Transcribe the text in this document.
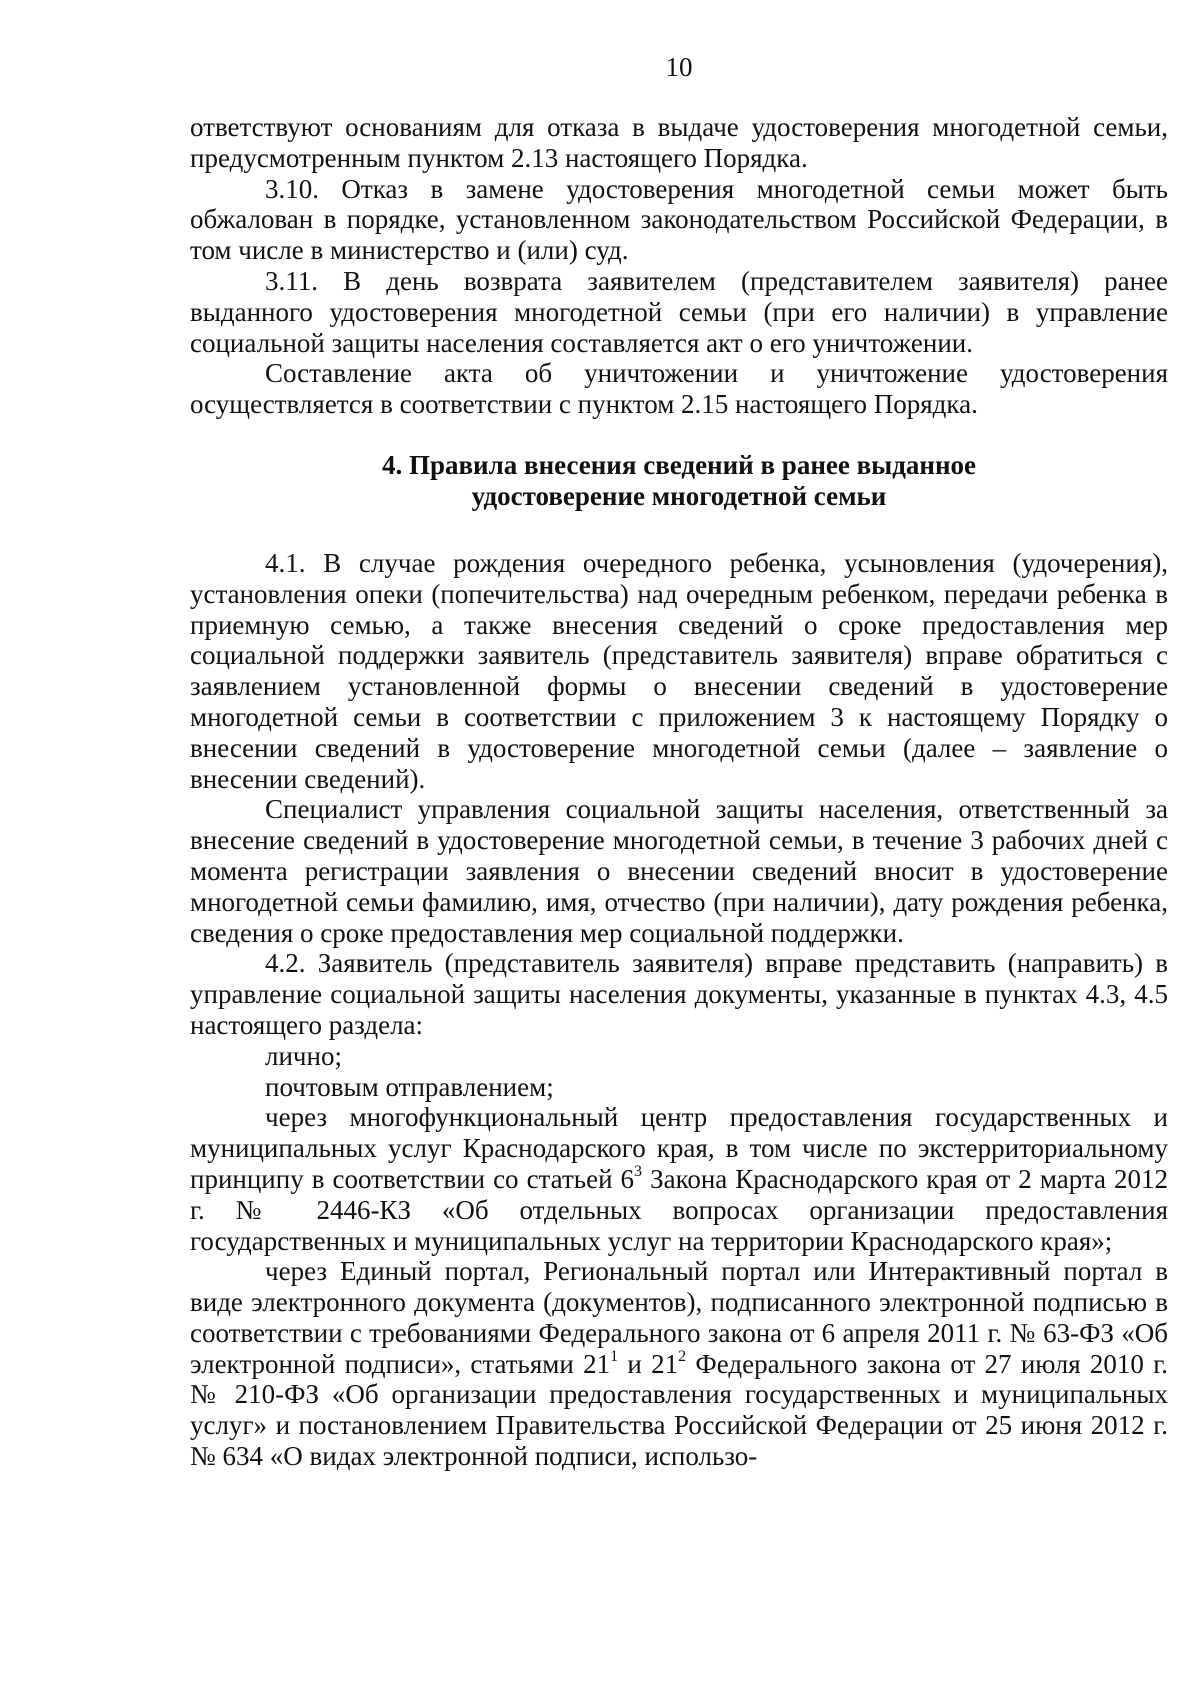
10

ответствуют основаниям для отказа в выдаче удостоверения многодетной семьи, предусмотренным пунктом 2.13 настоящего Порядка.

3.10. Отказ в замене удостоверения многодетной семьи может быть обжалован в порядке, установленном законодательством Российской Федерации, в том числе в министерство и (или) суд.

3.11. В день возврата заявителем (представителем заявителя) ранее выданного удостоверения многодетной семьи (при его наличии) в управление социальной защиты населения составляется акт о его уничтожении.

Составление акта об уничтожении и уничтожение удостоверения осуществляется в соответствии с пунктом 2.15 настоящего Порядка.

4. Правила внесения сведений в ранее выданное
удостоверение многодетной семьи

4.1. В случае рождения очередного ребенка, усыновления (удочерения), установления опеки (попечительства) над очередным ребенком, передачи ребенка в приемную семью, а также внесения сведений о сроке предоставления мер социальной поддержки заявитель (представитель заявителя) вправе обратиться с заявлением установленной формы о внесении сведений в удостоверение многодетной семьи в соответствии с приложением 3 к настоящему Порядку о внесении сведений в удостоверение многодетной семьи (далее – заявление о внесении сведений).

Специалист управления социальной защиты населения, ответственный за внесение сведений в удостоверение многодетной семьи, в течение 3 рабочих дней с момента регистрации заявления о внесении сведений вносит в удостоверение многодетной семьи фамилию, имя, отчество (при наличии), дату рождения ребенка, сведения о сроке предоставления мер социальной поддержки.

4.2. Заявитель (представитель заявителя) вправе представить (направить) в управление социальной защиты населения документы, указанные в пунктах 4.3, 4.5 настоящего раздела:

лично;

почтовым отправлением;

через многофункциональный центр предоставления государственных и муниципальных услуг Краснодарского края, в том числе по экстерриториальному принципу в соответствии со статьей $6^3$ Закона Краснодарского края от 2 марта 2012 г. № 2446-КЗ «Об отдельных вопросах организации предоставления государственных и муниципальных услуг на территории Краснодарского края»;

через Единый портал, Региональный портал или Интерактивный портал в виде электронного документа (документов), подписанного электронной подписью в соответствии с требованиями Федерального закона от 6 апреля 2011 г. № 63-ФЗ «Об электронной подписи», статьями $21^1$ и $21^2$ Федерального закона от 27 июля 2010 г. № 210-ФЗ «Об организации предоставления государственных и муниципальных услуг» и постановлением Правительства Российской Федерации от 25 июня 2012 г. № 634 «О видах электронной подписи, использо-
